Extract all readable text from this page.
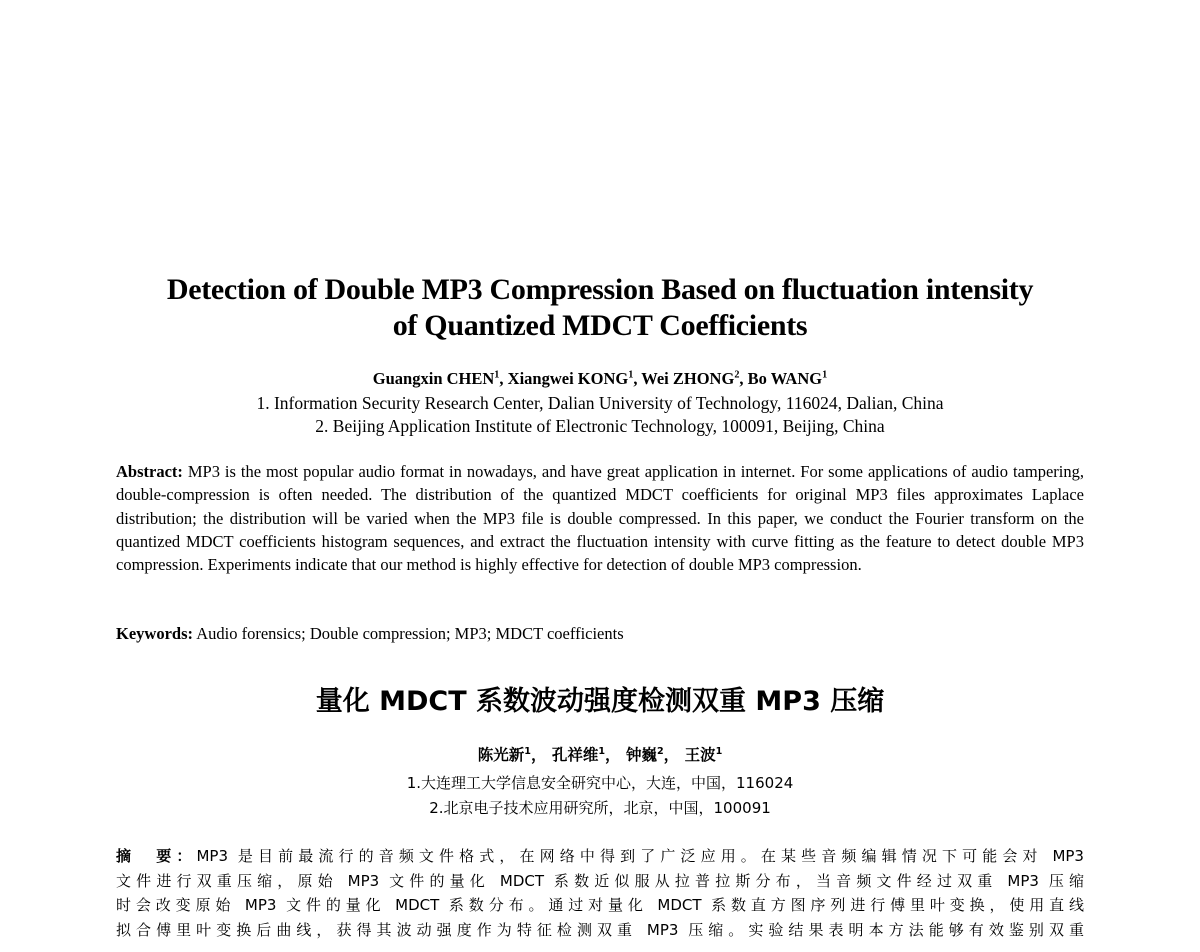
Detection of Double MP3 Compression Based on fluctuation intensity
of Quantized MDCT Coefficients
Guangxin CHEN$^1$, Xiangwei KONG$^1$, Wei ZHONG$^2$, Bo WANG$^1$
1. Information Security Research Center, Dalian University of Technology, 116024, Dalian, China
2. Beijing Application Institute of Electronic Technology, 100091, Beijing, China
Abstract: MP3 is the most popular audio format in nowadays, and have great application in internet. For some applications of audio tampering, double-compression is often needed. The distribution of the quantized MDCT coefficients for original MP3 files approximates Laplace distribution; the distribution will be varied when the MP3 file is double compressed. In this paper, we conduct the Fourier transform on the quantized MDCT coefficients histogram sequences, and extract the fluctuation intensity with curve fitting as the feature to detect double MP3 compression. Experiments indicate that our method is highly effective for detection of double MP3 compression.
Keywords: Audio forensics; Double compression; MP3; MDCT coefficients
量化 MDCT 系数波动强度检测双重 MP3 压缩
陈光新$^1$， 孔祥维$^1$， 钟巍$^2$， 王波$^1$
1.大连理工大学信息安全研究中心，大连，中国，116024
2.北京电子技术应用研究所，北京，中国，100091
摘　要：MP3 是目前最流行的音频文件格式，在网络中得到了广泛应用。在某些音频编辑情况下可能会对 MP3
文件进行双重压缩，原始 MP3 文件的量化 MDCT 系数近似服从拉普拉斯分布，当音频文件经过双重 MP3 压缩
时会改变原始 MP3 文件的量化 MDCT 系数分布。通过对量化 MDCT 系数直方图序列进行傅里叶变换，使用直线
拟合傅里叶变换后曲线，获得其波动强度作为特征检测双重 MP3 压缩。实验结果表明本方法能够有效鉴别双重
